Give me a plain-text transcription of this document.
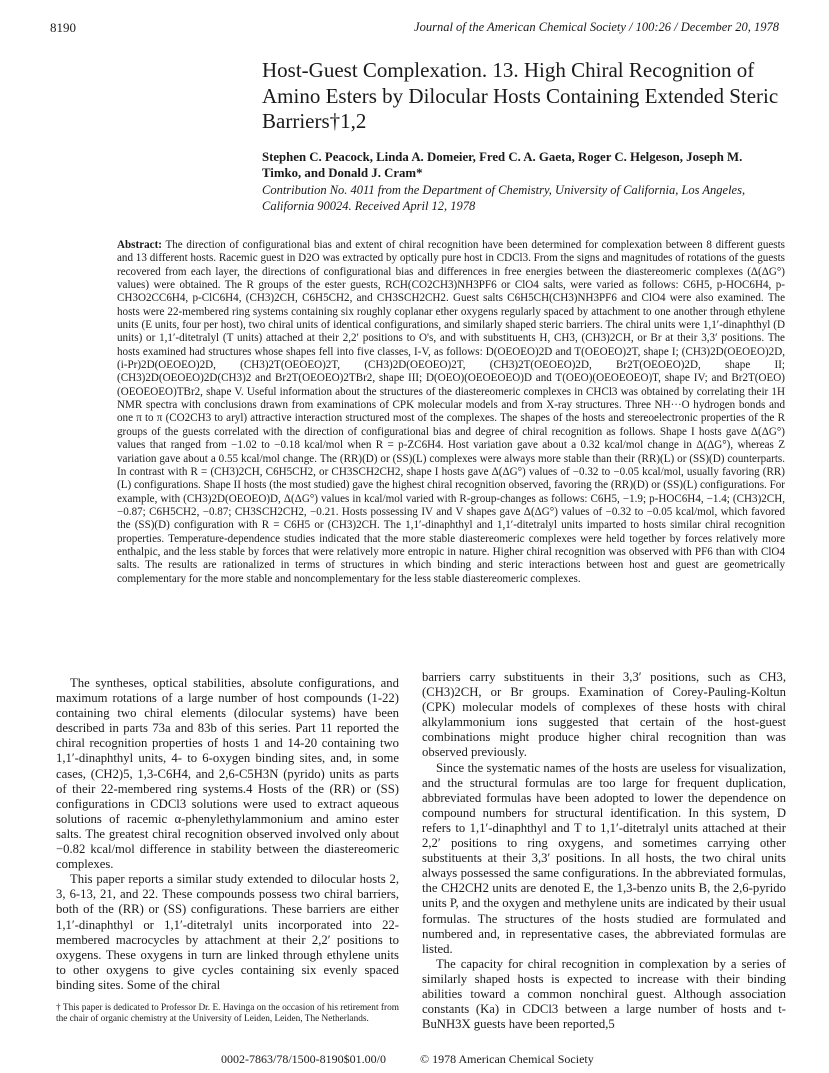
8190	Journal of the American Chemical Society / 100:26 / December 20, 1978
Host-Guest Complexation. 13. High Chiral Recognition of Amino Esters by Dilocular Hosts Containing Extended Steric Barriers†1,2
Stephen C. Peacock, Linda A. Domeier, Fred C. A. Gaeta, Roger C. Helgeson, Joseph M. Timko, and Donald J. Cram*
Contribution No. 4011 from the Department of Chemistry, University of California, Los Angeles, California 90024. Received April 12, 1978
Abstract: The direction of configurational bias and extent of chiral recognition have been determined for complexation between 8 different guests and 13 different hosts. Racemic guest in D2O was extracted by optically pure host in CDCl3. From the signs and magnitudes of rotations of the guests recovered from each layer, the directions of configurational bias and differences in free energies between the diastereomeric complexes (Δ(ΔG°) values) were obtained. The R groups of the ester guests, RCH(CO2CH3)NH3PF6 or ClO4 salts, were varied as follows: C6H5, p-HOC6H4, p-CH3O2CC6H4, p-ClC6H4, (CH3)2CH, C6H5CH2, and CH3SCH2CH2. Guest salts C6H5CH(CH3)NH3PF6 and ClO4 were also examined. The hosts were 22-membered ring systems containing six roughly coplanar ether oxygens regularly spaced by attachment to one another through ethylene units (E units, four per host), two chiral units of identical configurations, and similarly shaped steric barriers. The chiral units were 1,1′-dinaphthyl (D units) or 1,1′-ditetralyl (T units) attached at their 2,2′ positions to O's, and with substituents H, CH3, (CH3)2CH, or Br at their 3,3′ positions. The hosts examined had structures whose shapes fell into five classes, I-V, as follows: D(OEOEO)2D and T(OEOEO)2T, shape I; (CH3)2D(OEOEO)2D, (i-Pr)2D(OEOEO)2D, (CH3)2T(OEOEO)2T, (CH3)2D(OEOEO)2T, (CH3)2T(OEOEO)2D, Br2T(OEOEO)2D, shape II; (CH3)2D(OEOEO)2D(CH3)2 and Br2T(OEOEO)2TBr2, shape III; D(OEO)(OEOEOEO)D and T(OEO)(OEOEOEO)T, shape IV; and Br2T(OEO)(OEOEOEO)TBr2, shape V. Useful information about the structures of the diastereomeric complexes in CHCl3 was obtained by correlating their 1H NMR spectra with conclusions drawn from examinations of CPK molecular models and from X-ray structures. Three NH···O hydrogen bonds and one π to π (CO2CH3 to aryl) attractive interaction structured most of the complexes. The shapes of the hosts and stereoelectronic properties of the R groups of the guests correlated with the direction of configurational bias and degree of chiral recognition as follows. Shape I hosts gave Δ(ΔG°) values that ranged from −1.02 to −0.18 kcal/mol when R = p-ZC6H4. Host variation gave about a 0.32 kcal/mol change in Δ(ΔG°), whereas Z variation gave about a 0.55 kcal/mol change. The (RR)(D) or (SS)(L) complexes were always more stable than their (RR)(L) or (SS)(D) counterparts. In contrast with R = (CH3)2CH, C6H5CH2, or CH3SCH2CH2, shape I hosts gave Δ(ΔG°) values of −0.32 to −0.05 kcal/mol, usually favoring (RR)(L) configurations. Shape II hosts (the most studied) gave the highest chiral recognition observed, favoring the (RR)(D) or (SS)(L) configurations. For example, with (CH3)2D(OEOEO)D, Δ(ΔG°) values in kcal/mol varied with R-group-changes as follows: C6H5, −1.9; p-HOC6H4, −1.4; (CH3)2CH, −0.87; C6H5CH2, −0.87; CH3SCH2CH2, −0.21. Hosts possessing IV and V shapes gave Δ(ΔG°) values of −0.32 to −0.05 kcal/mol, which favored the (SS)(D) configuration with R = C6H5 or (CH3)2CH. The 1,1′-dinaphthyl and 1,1′-ditetralyl units imparted to hosts similar chiral recognition properties. Temperature-dependence studies indicated that the more stable diastereomeric complexes were held together by forces relatively more enthalpic, and the less stable by forces that were relatively more entropic in nature. Higher chiral recognition was observed with PF6 than with ClO4 salts. The results are rationalized in terms of structures in which binding and steric interactions between host and guest are geometrically complementary for the more stable and noncomplementary for the less stable diastereomeric complexes.

The syntheses, optical stabilities, absolute configurations, and maximum rotations of a large number of host compounds (1-22) containing two chiral elements (dilocular systems) have been described in parts 73a and 83b of this series. Part 11 reported the chiral recognition properties of hosts 1 and 14-20 containing two 1,1′-dinaphthyl units, 4- to 6-oxygen binding sites, and, in some cases, (CH2)5, 1,3-C6H4, and 2,6-C5H3N (pyrido) units as parts of their 22-membered ring systems.4 Hosts of the (RR) or (SS) configurations in CDCl3 solutions were used to extract aqueous solutions of racemic α-phenylethylammonium and amino ester salts. The greatest chiral recognition observed involved only about −0.82 kcal/mol difference in stability between the diastereomeric complexes.

This paper reports a similar study extended to dilocular hosts 2, 3, 6-13, 21, and 22. These compounds possess two chiral barriers, both of the (RR) or (SS) configurations. These barriers are either 1,1′-dinaphthyl or 1,1′-ditetralyl units incorporated into 22-membered macrocycles by attachment at their 2,2′ positions to oxygens. These oxygens in turn are linked through ethylene units to other oxygens to give cycles containing six evenly spaced binding sites. Some of the chiral

barriers carry substituents in their 3,3′ positions, such as CH3, (CH3)2CH, or Br groups. Examination of Corey-Pauling-Koltun (CPK) molecular models of complexes of these hosts with chiral alkylammonium ions suggested that certain of the host-guest combinations might produce higher chiral recognition than was observed previously.

Since the systematic names of the hosts are useless for visualization, and the structural formulas are too large for frequent duplication, abbreviated formulas have been adopted to lower the dependence on compound numbers for structural identification. In this system, D refers to 1,1′-dinaphthyl and T to 1,1′-ditetralyl units attached at their 2,2′ positions to ring oxygens, and sometimes carrying other substituents at their 3,3′ positions. In all hosts, the two chiral units always possessed the same configurations. In the abbreviated formulas, the CH2CH2 units are denoted E, the 1,3-benzo units B, the 2,6-pyrido units P, and the oxygen and methylene units are indicated by their usual formulas. The structures of the hosts studied are formulated and numbered and, in representative cases, the abbreviated formulas are listed.

The capacity for chiral recognition in complexation by a series of similarly shaped hosts is expected to increase with their binding abilities toward a common nonchiral guest. Although association constants (Ka) in CDCl3 between a large number of hosts and t-BuNH3X guests have been reported,5

† This paper is dedicated to Professor Dr. E. Havinga on the occasion of his retirement from the chair of organic chemistry at the University of Leiden, Leiden, The Netherlands.
0002-7863/78/1500-8190$01.00/0	© 1978 American Chemical Society
